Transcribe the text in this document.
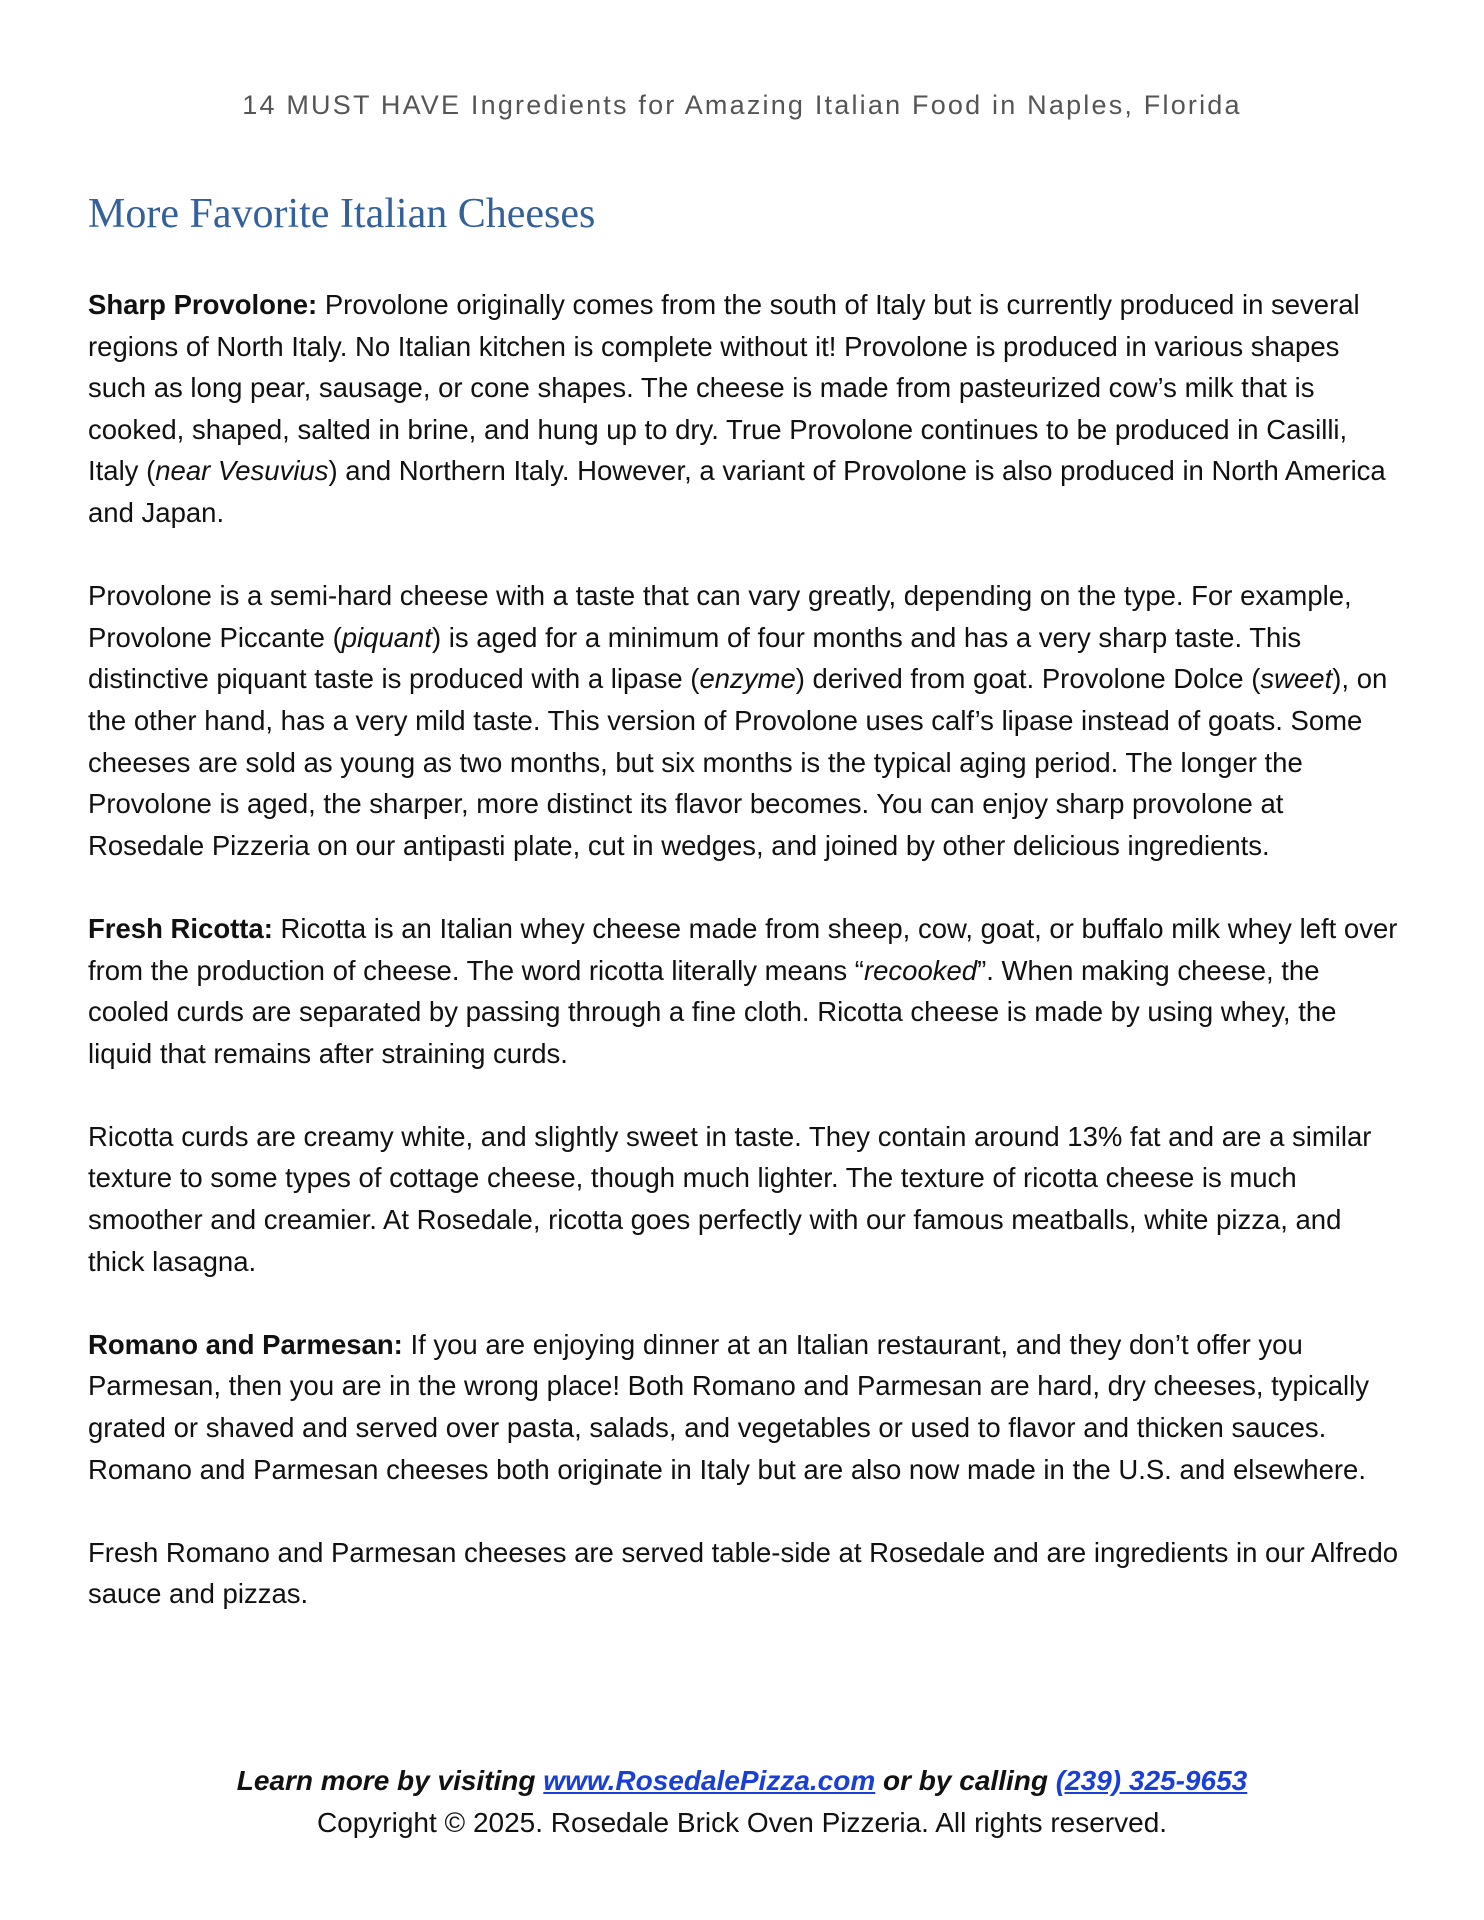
14 MUST HAVE Ingredients for Amazing Italian Food in Naples, Florida
More Favorite Italian Cheeses

Sharp Provolone: Provolone originally comes from the south of Italy but is currently produced in several regions of North Italy. No Italian kitchen is complete without it! Provolone is produced in various shapes such as long pear, sausage, or cone shapes. The cheese is made from pasteurized cow’s milk that is cooked, shaped, salted in brine, and hung up to dry. True Provolone continues to be produced in Casilli, Italy (near Vesuvius) and Northern Italy. However, a variant of Provolone is also produced in North America and Japan.

Provolone is a semi-hard cheese with a taste that can vary greatly, depending on the type. For example, Provolone Piccante (piquant) is aged for a minimum of four months and has a very sharp taste. This distinctive piquant taste is produced with a lipase (enzyme) derived from goat. Provolone Dolce (sweet), on the other hand, has a very mild taste. This version of Provolone uses calf’s lipase instead of goats. Some cheeses are sold as young as two months, but six months is the typical aging period. The longer the Provolone is aged, the sharper, more distinct its flavor becomes. You can enjoy sharp provolone at Rosedale Pizzeria on our antipasti plate, cut in wedges, and joined by other delicious ingredients.

Fresh Ricotta: Ricotta is an Italian whey cheese made from sheep, cow, goat, or buffalo milk whey left over from the production of cheese. The word ricotta literally means “recooked”. When making cheese, the cooled curds are separated by passing through a fine cloth. Ricotta cheese is made by using whey, the liquid that remains after straining curds.

Ricotta curds are creamy white, and slightly sweet in taste. They contain around 13% fat and are a similar texture to some types of cottage cheese, though much lighter. The texture of ricotta cheese is much smoother and creamier. At Rosedale, ricotta goes perfectly with our famous meatballs, white pizza, and thick lasagna.

Romano and Parmesan: If you are enjoying dinner at an Italian restaurant, and they don’t offer you Parmesan, then you are in the wrong place! Both Romano and Parmesan are hard, dry cheeses, typically grated or shaved and served over pasta, salads, and vegetables or used to flavor and thicken sauces. Romano and Parmesan cheeses both originate in Italy but are also now made in the U.S. and elsewhere.

Fresh Romano and Parmesan cheeses are served table-side at Rosedale and are ingredients in our Alfredo sauce and pizzas.

Learn more by visiting www.RosedalePizza.com or by calling (239) 325-9653
Copyright © 2025. Rosedale Brick Oven Pizzeria. All rights reserved.
